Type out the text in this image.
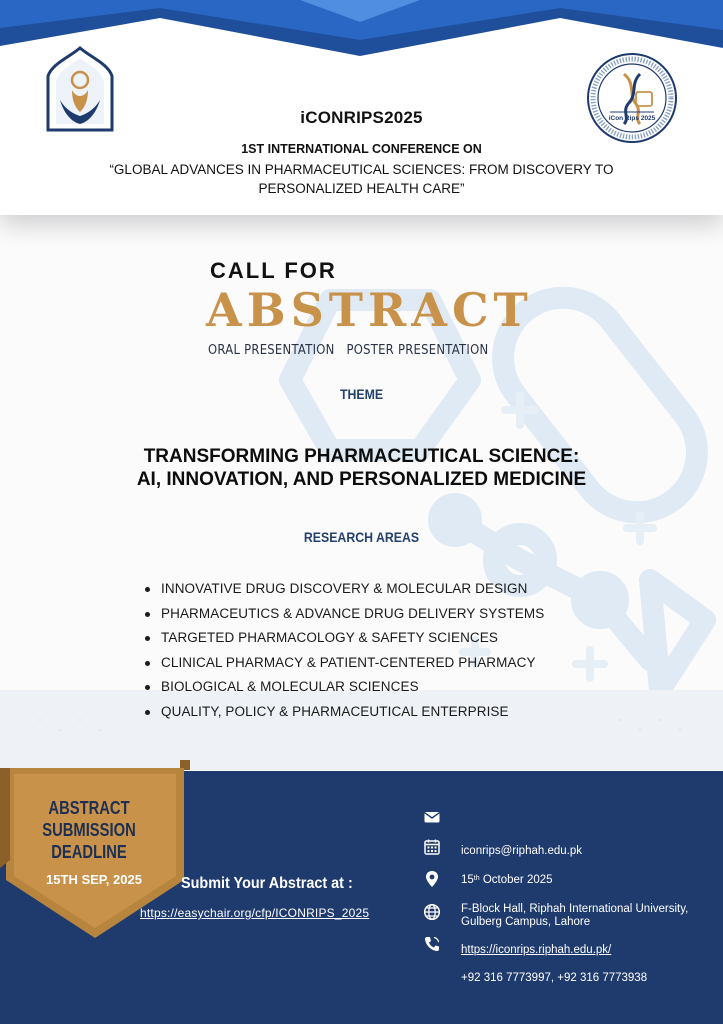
iCon Rips 2025
iCONRIPS2025
1ST INTERNATIONAL CONFERENCE ON
“GLOBAL ADVANCES IN PHARMACEUTICAL SCIENCES: FROM DISCOVERY TO PERSONALIZED HEALTH CARE”
CALL FOR
ABSTRACT
ORAL PRESENTATION POSTER PRESENTATION
THEME
TRANSFORMING PHARMACEUTICAL SCIENCE:
AI, INNOVATION, AND PERSONALIZED MEDICINE
RESEARCH AREAS
INNOVATIVE DRUG DISCOVERY & MOLECULAR DESIGN
PHARMACEUTICS & ADVANCE DRUG DELIVERY SYSTEMS
TARGETED PHARMACOLOGY & SAFETY SCIENCES
CLINICAL PHARMACY & PATIENT-CENTERED PHARMACY
BIOLOGICAL & MOLECULAR SCIENCES
QUALITY, POLICY & PHARMACEUTICAL ENTERPRISE
ABSTRACT
SUBMISSION
DEADLINE
15TH SEP, 2025	Submit Your Abstract at :
https://easychair.org/cfp/ICONRIPS_2025
iconrips@riphah.edu.pk
15th October 2025
F-Block Hall, Riphah International University,
Gulberg Campus, Lahore
https://iconrips.riphah.edu.pk/
+92 316 7773997, +92 316 7773938
